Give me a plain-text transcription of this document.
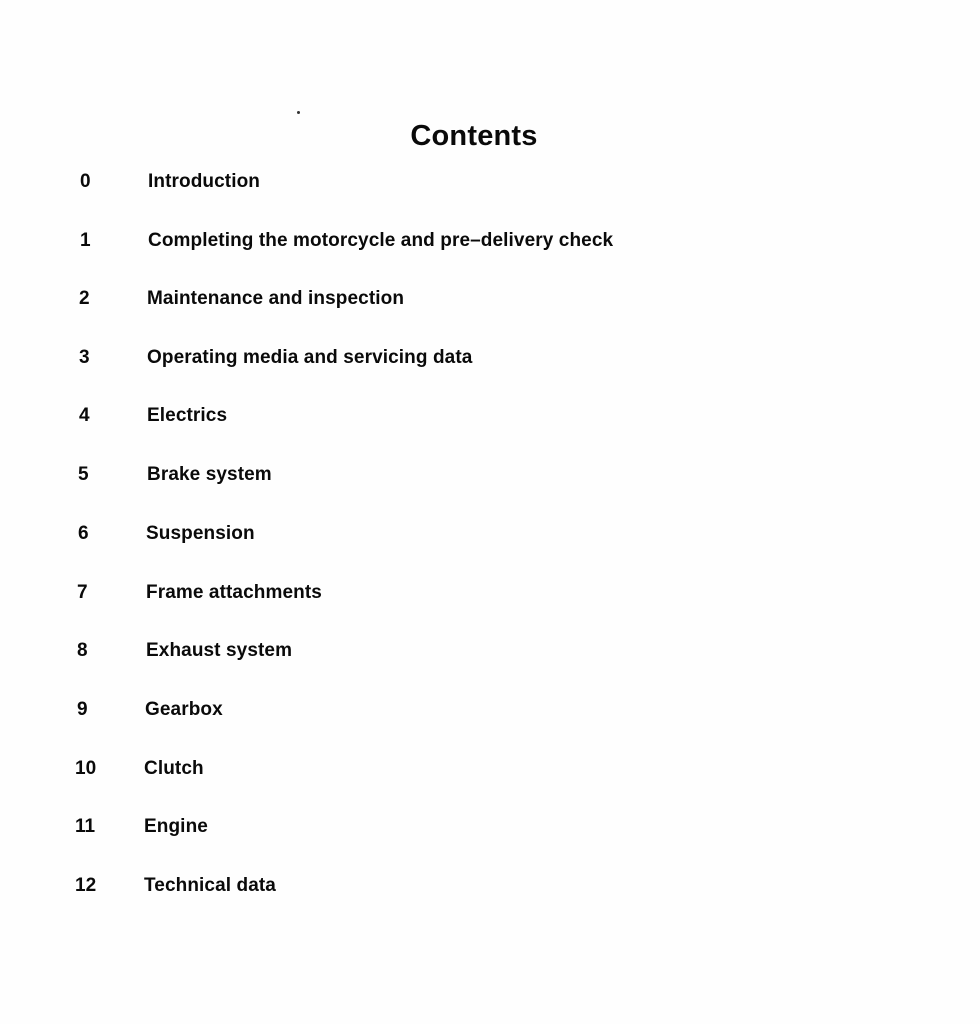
Contents
0	Introduction
1	Completing the motorcycle and pre–delivery check
2	Maintenance and inspection
3	Operating media and servicing data
4	Electrics
5	Brake system
6	Suspension
7	Frame attachments
8	Exhaust system
9	Gearbox
10	Clutch
11	Engine
12	Technical data
